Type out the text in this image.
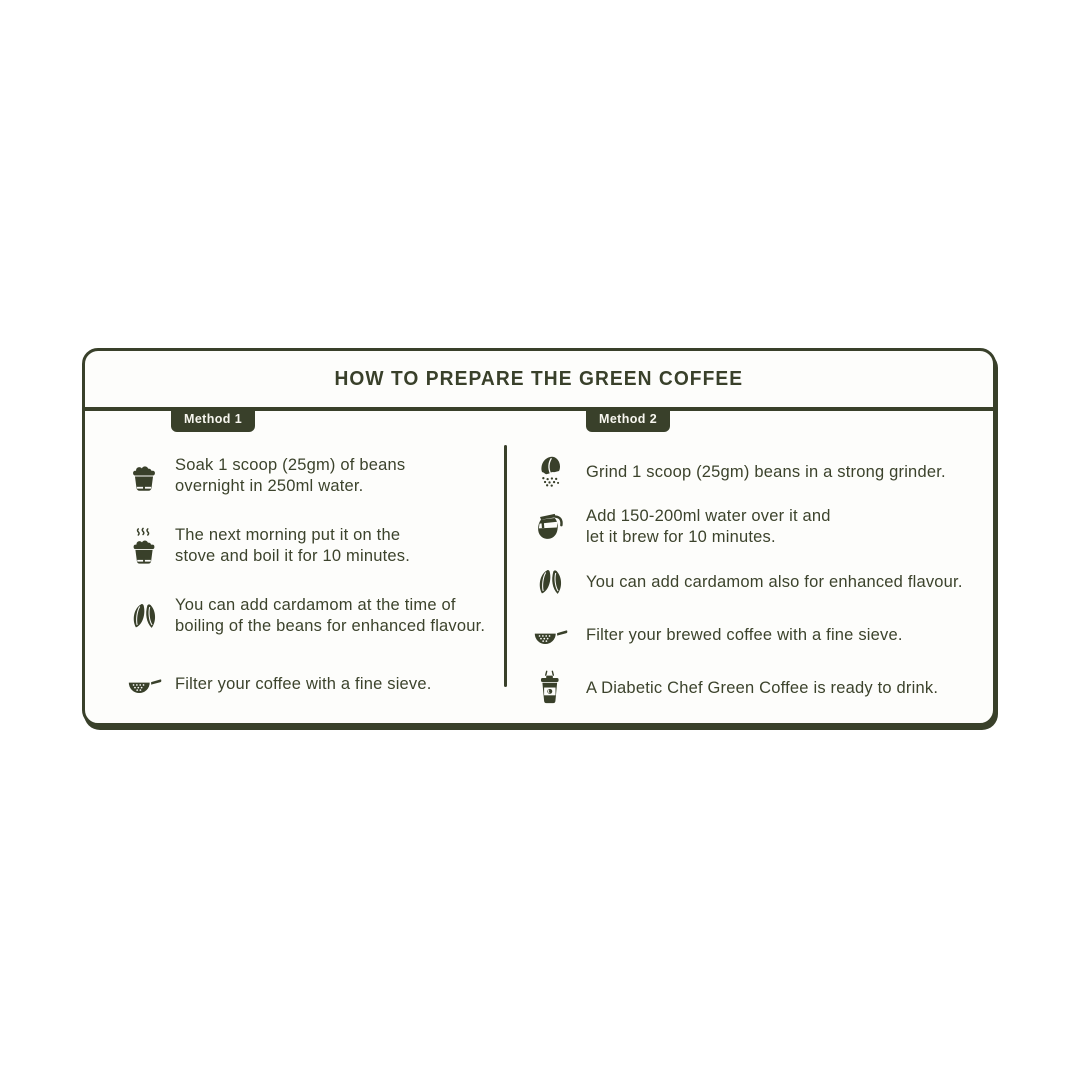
HOW TO PREPARE THE GREEN COFFEE
Method 1	Method 2
Soak 1 scoop (25gm) of beans
overnight in 250ml water.
The next morning put it on the
stove and boil it for 10 minutes.
You can add cardamom at the time of
boiling of the beans for enhanced flavour.
Filter your coffee with a fine sieve.
Grind 1 scoop (25gm) beans in a strong grinder.
Add 150-200ml water over it and
let it brew for 10 minutes.
You can add cardamom also for enhanced flavour.
Filter your brewed coffee with a fine sieve.
A Diabetic Chef Green Coffee is ready to drink.
